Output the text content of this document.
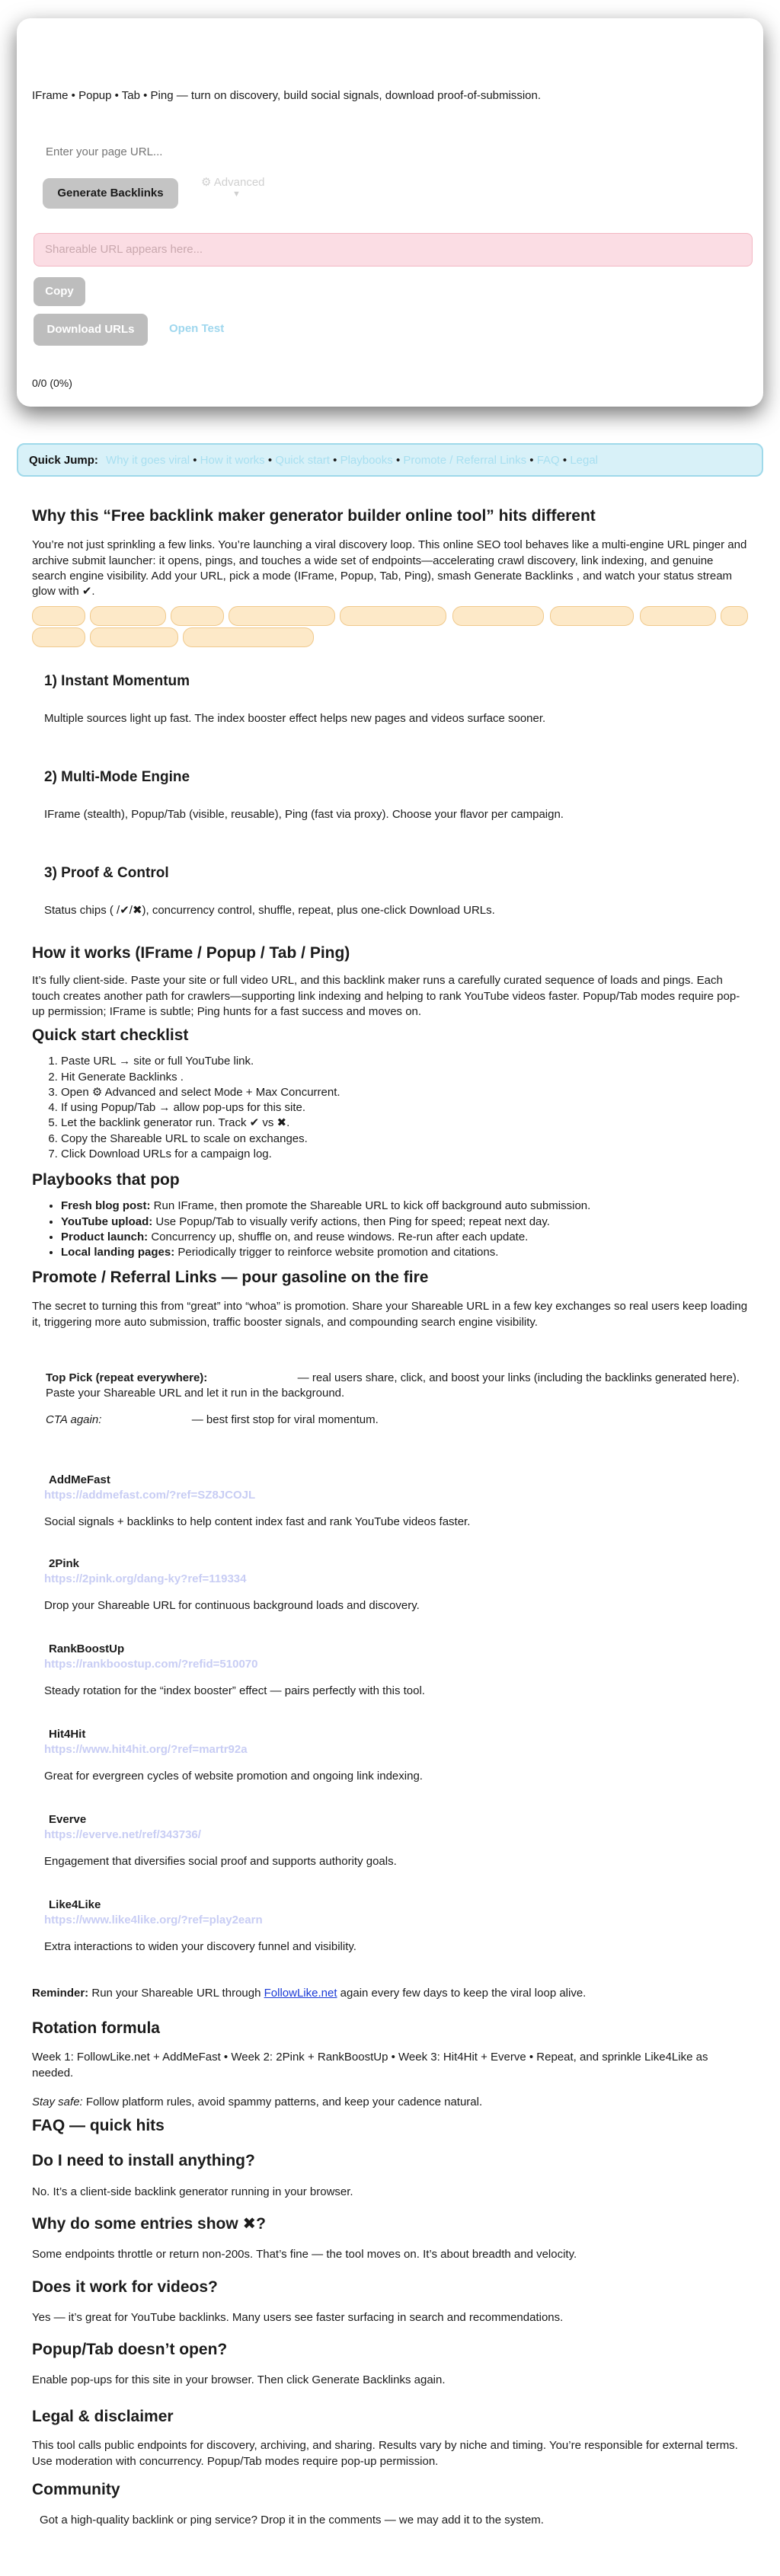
IFrame • Popup • Tab • Ping — turn on discovery, build social signals, download proof-of-submission.
Enter your page URL...
Generate Backlinks
⚙ Advanced
▼
Shareable URL appears here...
Copy
Download URLs	Open Test
0/0 (0%)
Quick Jump: Why it goes viral • How it works • Quick start • Playbooks • Promote / Referral Links • FAQ • Legal
Why this “Free backlink maker generator builder online tool” hits different

You’re not just sprinkling a few links. You’re launching a viral discovery loop. This online SEO tool behaves like a multi-engine URL pinger and archive submit launcher: it opens, pings, and touches a wide set of endpoints—accelerating crawl discovery, link indexing, and genuine search engine visibility. Add your URL, pick a mode (IFrame, Popup, Tab, Ping), smash Generate Backlinks , and watch your status stream glow with ✔.

1) Instant Momentum

Multiple sources light up fast. The index booster effect helps new pages and videos surface sooner.

2) Multi-Mode Engine

IFrame (stealth), Popup/Tab (visible, reusable), Ping (fast via proxy). Choose your flavor per campaign.

3) Proof & Control

Status chips ( /✔/✖), concurrency control, shuffle, repeat, plus one-click Download URLs.

How it works (IFrame / Popup / Tab / Ping)

It’s fully client-side. Paste your site or full video URL, and this backlink maker runs a carefully curated sequence of loads and pings. Each touch creates another path for crawlers—supporting link indexing and helping to rank YouTube videos faster. Popup/Tab modes require pop-up permission; IFrame is subtle; Ping hunts for a fast success and moves on.

Quick start checklist
1. Paste URL → site or full YouTube link.
2. Hit Generate Backlinks .
3. Open ⚙ Advanced and select Mode + Max Concurrent.
4. If using Popup/Tab → allow pop-ups for this site.
5. Let the backlink generator run. Track ✔ vs ✖.
6. Copy the Shareable URL to scale on exchanges.
7. Click Download URLs for a campaign log.
Playbooks that pop
• Fresh blog post: Run IFrame, then promote the Shareable URL to kick off background auto submission.
• YouTube upload: Use Popup/Tab to visually verify actions, then Ping for speed; repeat next day.
• Product launch: Concurrency up, shuffle on, and reuse windows. Re-run after each update.
• Local landing pages: Periodically trigger to reinforce website promotion and citations.
Promote / Referral Links — pour gasoline on the fire

The secret to turning this from “great” into “whoa” is promotion. Share your Shareable URL in a few key exchanges so real users keep loading it, triggering more auto submission, traffic booster signals, and compounding search engine visibility.

Top Pick (repeat everywhere):	— real users share, click, and boost your links (including the backlinks generated here). Paste your Shareable URL and let it run in the background.

CTA again:	— best first stop for viral momentum.

AddMeFast
https://addmefast.com/?ref=SZ8JCOJL

Social signals + backlinks to help content index fast and rank YouTube videos faster.

2Pink
https://2pink.org/dang-ky?ref=119334

Drop your Shareable URL for continuous background loads and discovery.

RankBoostUp
https://rankboostup.com/?refid=510070

Steady rotation for the “index booster” effect — pairs perfectly with this tool.

Hit4Hit
https://www.hit4hit.org/?ref=martr92a

Great for evergreen cycles of website promotion and ongoing link indexing.

Everve
https://everve.net/ref/343736/

Engagement that diversifies social proof and supports authority goals.

Like4Like
https://www.like4like.org/?ref=play2earn

Extra interactions to widen your discovery funnel and visibility.

Reminder: Run your Shareable URL through FollowLike.net again every few days to keep the viral loop alive.

Rotation formula

Week 1: FollowLike.net + AddMeFast • Week 2: 2Pink + RankBoostUp • Week 3: Hit4Hit + Everve • Repeat, and sprinkle Like4Like as needed.

Stay safe: Follow platform rules, avoid spammy patterns, and keep your cadence natural.

FAQ — quick hits
Do I need to install anything?

No. It’s a client-side backlink generator running in your browser.

Why do some entries show ✖?

Some endpoints throttle or return non-200s. That’s fine — the tool moves on. It’s about breadth and velocity.

Does it work for videos?

Yes — it’s great for YouTube backlinks. Many users see faster surfacing in search and recommendations.

Popup/Tab doesn’t open?

Enable pop-ups for this site in your browser. Then click Generate Backlinks again.

Legal & disclaimer

This tool calls public endpoints for discovery, archiving, and sharing. Results vary by niche and timing. You’re responsible for external terms. Use moderation with concurrency. Popup/Tab modes require pop-up permission.

Community

Got a high-quality backlink or ping service? Drop it in the comments — we may add it to the system.
